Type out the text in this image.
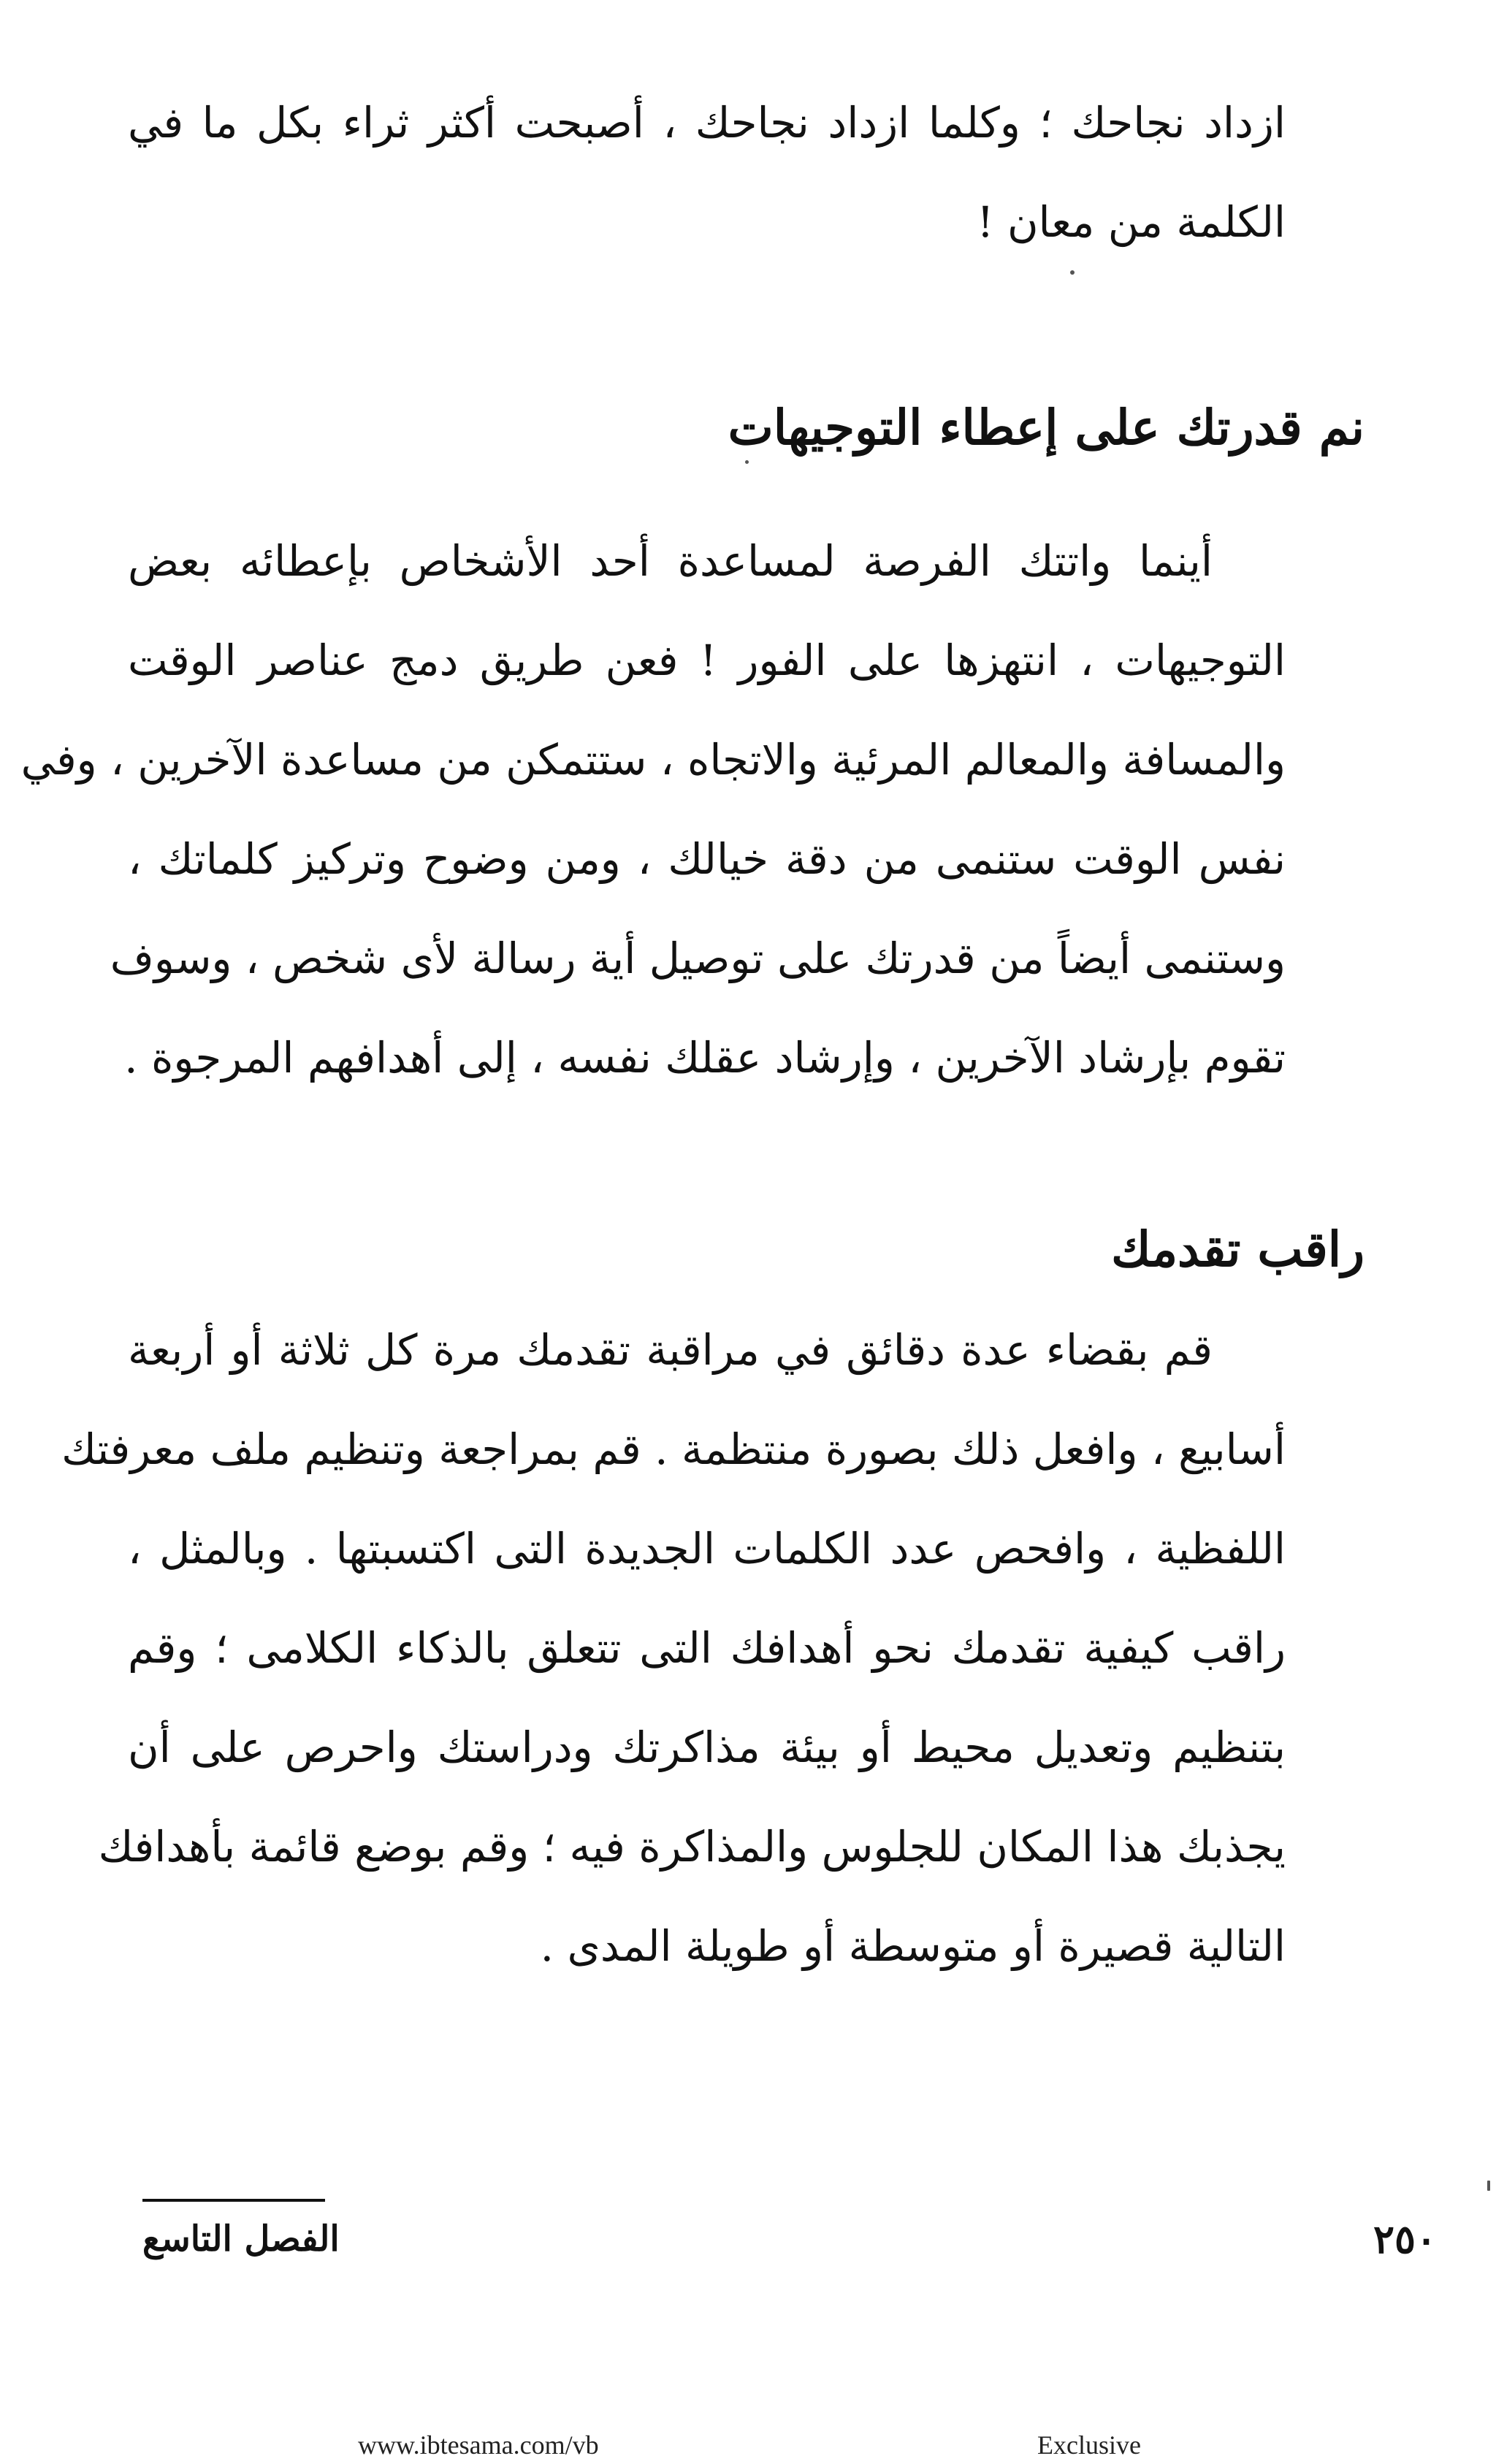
ازداد نجاحك ؛ وكلما ازداد نجاحك ، أصبحت أكثر ثراء بكل ما في
الكلمة من معان !
نم قدرتك على إعطاء التوجيهات
أينما واتتك الفرصة لمساعدة أحد الأشخاص بإعطائه بعض
التوجيهات ، انتهزها على الفور ! فعن طريق دمج عناصر الوقت
والمسافة والمعالم المرئية والاتجاه ، ستتمكن من مساعدة الآخرين ، وفي
نفس الوقت ستنمى من دقة خيالك ، ومن وضوح وتركيز كلماتك ،
وستنمى أيضاً من قدرتك على توصيل أية رسالة لأى شخص ، وسوف
تقوم بإرشاد الآخرين ، وإرشاد عقلك نفسه ، إلى أهدافهم المرجوة .
راقب تقدمك
قم بقضاء عدة دقائق في مراقبة تقدمك مرة كل ثلاثة أو أربعة
أسابيع ، وافعل ذلك بصورة منتظمة . قم بمراجعة وتنظيم ملف معرفتك
اللفظية ، وافحص عدد الكلمات الجديدة التى اكتسبتها . وبالمثل ،
راقب كيفية تقدمك نحو أهدافك التى تتعلق بالذكاء الكلامى ؛ وقم
بتنظيم وتعديل محيط أو بيئة مذاكرتك ودراستك واحرص على أن
يجذبك هذا المكان للجلوس والمذاكرة فيه ؛ وقم بوضع قائمة بأهدافك
التالية قصيرة أو متوسطة أو طويلة المدى .
الفصل التاسع	٢٥٠
www.ibtesama.com/vb	Exclusive
